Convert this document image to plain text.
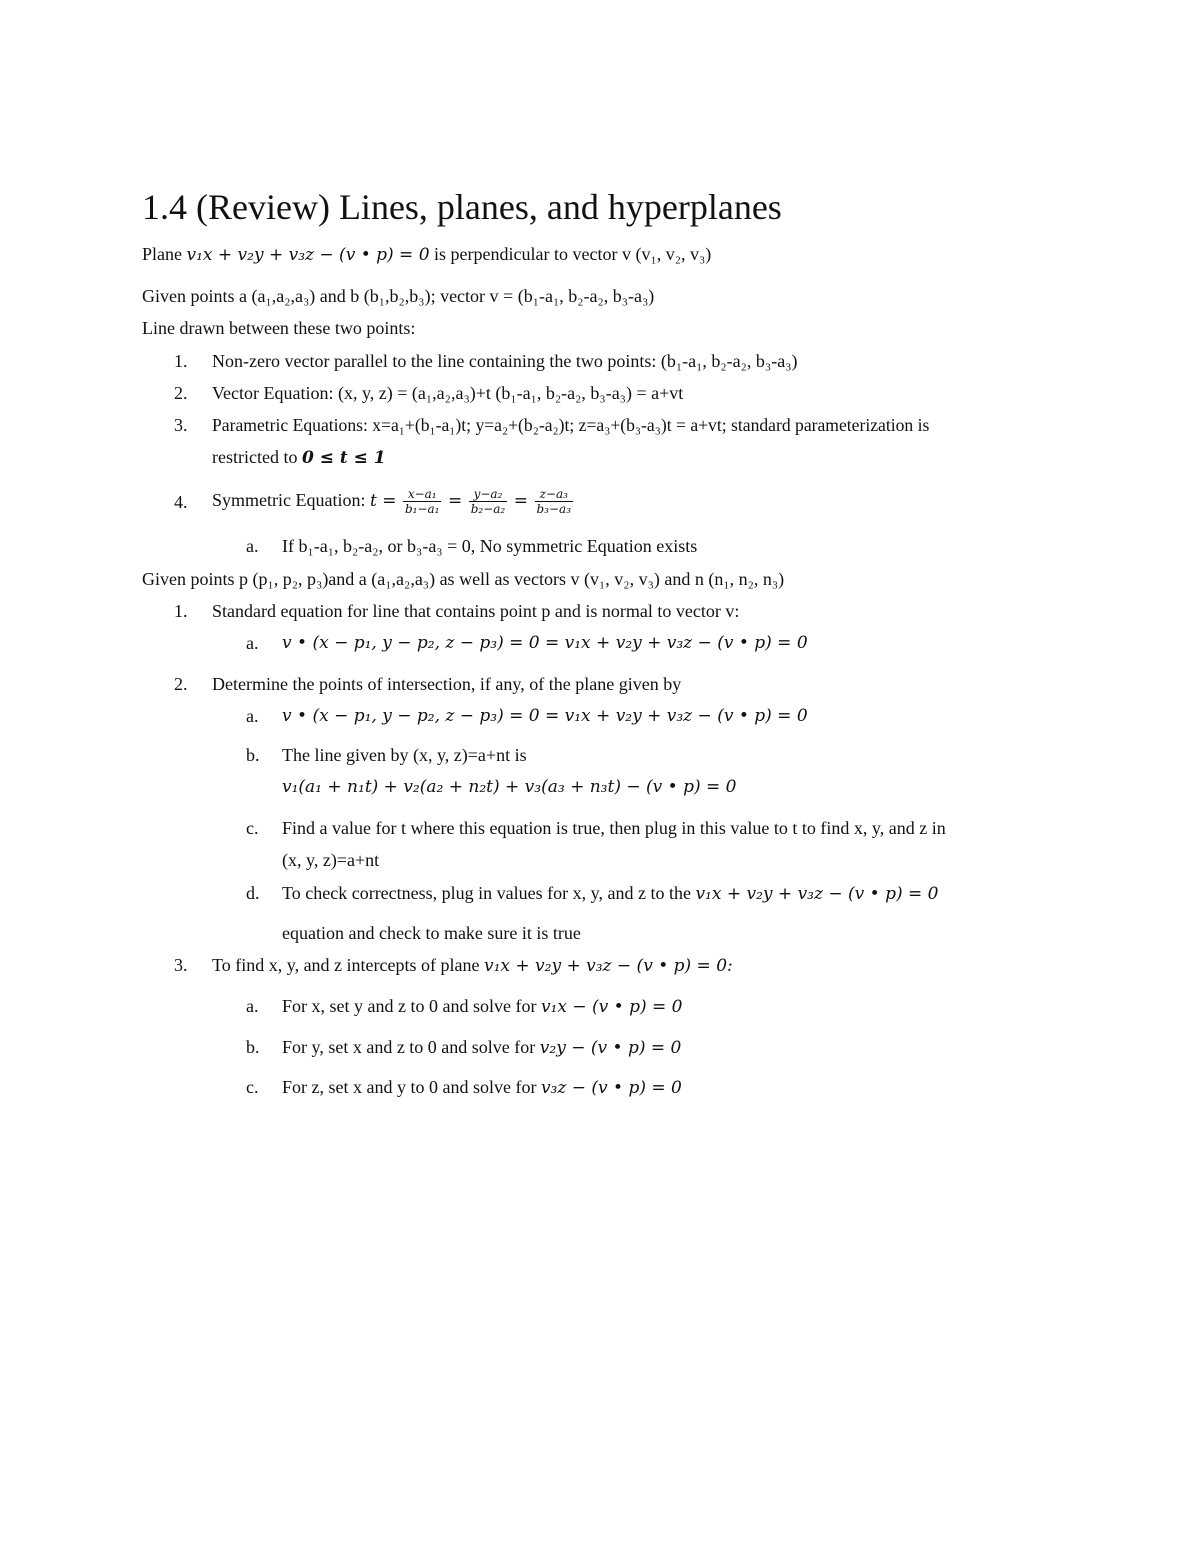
1.4 (Review) Lines, planes, and hyperplanes
Plane v₁x + v₂y + v₃z − (v • p) = 0 is perpendicular to vector v (v₁, v₂, v₃)
Given points a (a₁,a₂,a₃) and b (b₁,b₂,b₃); vector v = (b₁-a₁, b₂-a₂, b₃-a₃)
Line drawn between these two points:
1. Non-zero vector parallel to the line containing the two points: (b₁-a₁, b₂-a₂, b₃-a₃)
2. Vector Equation: (x, y, z) = (a₁,a₂,a₃)+t (b₁-a₁, b₂-a₂, b₃-a₃) = a+vt
3. Parametric Equations: x=a₁+(b₁-a₁)t; y=a₂+(b₂-a₂)t; z=a₃+(b₃-a₃)t = a+vt; standard parameterization is
restricted to 0 ≤ t ≤ 1
4. Symmetric Equation: $t = \frac{\text{x−a₁}}{\text{b₁−a₁}} = \frac{\text{y−a₂}}{\text{b₂−a₂}} = \frac{\text{z−a₃}}{\text{b₃−a₃}}$
a. If b₁-a₁, b₂-a₂, or b₃-a₃ = 0, No symmetric Equation exists
Given points p (p₁, p₂, p₃)and a (a₁,a₂,a₃) as well as vectors v (v₁, v₂, v₃) and n (n₁, n₂, n₃)
1. Standard equation for line that contains point p and is normal to vector v:
a. v • (x − p₁, y − p₂, z − p₃) = 0 = v₁x + v₂y + v₃z − (v • p) = 0
2. Determine the points of intersection, if any, of the plane given by
a. v • (x − p₁, y − p₂, z − p₃) = 0 = v₁x + v₂y + v₃z − (v • p) = 0
b. The line given by (x, y, z)=a+nt is
v₁(a₁ + n₁t) + v₂(a₂ + n₂t) + v₃(a₃ + n₃t) − (v • p) = 0
c. Find a value for t where this equation is true, then plug in this value to t to find x, y, and z in
(x, y, z)=a+nt
d. To check correctness, plug in values for x, y, and z to the v₁x + v₂y + v₃z − (v • p) = 0
equation and check to make sure it is true
3. To find x, y, and z intercepts of plane v₁x + v₂y + v₃z − (v • p) = 0:
a. For x, set y and z to 0 and solve for v₁x − (v • p) = 0
b. For y, set x and z to 0 and solve for v₂y − (v • p) = 0
c. For z, set x and y to 0 and solve for v₃z − (v • p) = 0
